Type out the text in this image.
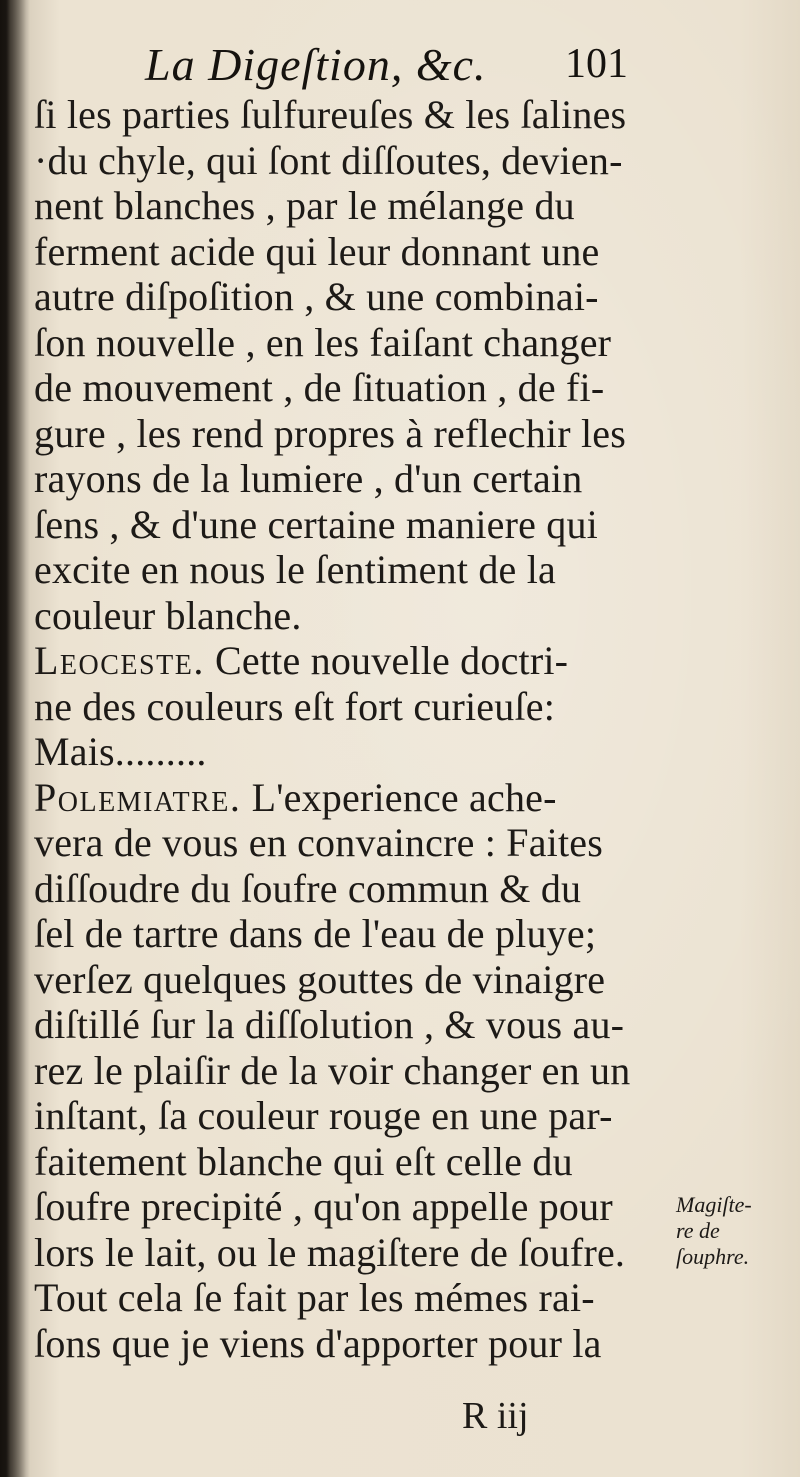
La Digeſtion, &c. 101
ſi les parties ſulfureuſes & les ſalines
·du chyle, qui ſont diſſoutes, devien-
nent blanches , par le mélange du
ferment acide qui leur donnant une
autre diſpoſition , & une combinai-
ſon nouvelle , en les faiſant changer
de mouvement , de ſituation , de fi-
gure , les rend propres à reflechir les
rayons de la lumiere , d'un certain
ſens , & d'une certaine maniere qui
excite en nous le ſentiment de la
couleur blanche.
Leoceste. Cette nouvelle doctri-
ne des couleurs eſt fort curieuſe:
Mais.........
Polemiatre. L'experience ache-
vera de vous en convaincre : Faites
diſſoudre du ſoufre commun & du
ſel de tartre dans de l'eau de pluye;
verſez quelques gouttes de vinaigre
diſtillé ſur la diſſolution , & vous au-
rez le plaiſir de la voir changer en un
inſtant, ſa couleur rouge en une par-
faitement blanche qui eſt celle du
ſoufre precipité , qu'on appelle pour
lors le lait, ou le magiſtere de ſoufre.
Tout cela ſe fait par les mémes rai-
ſons que je viens d'apporter pour la
Magiſte-
re de
ſouphre.
R iij
